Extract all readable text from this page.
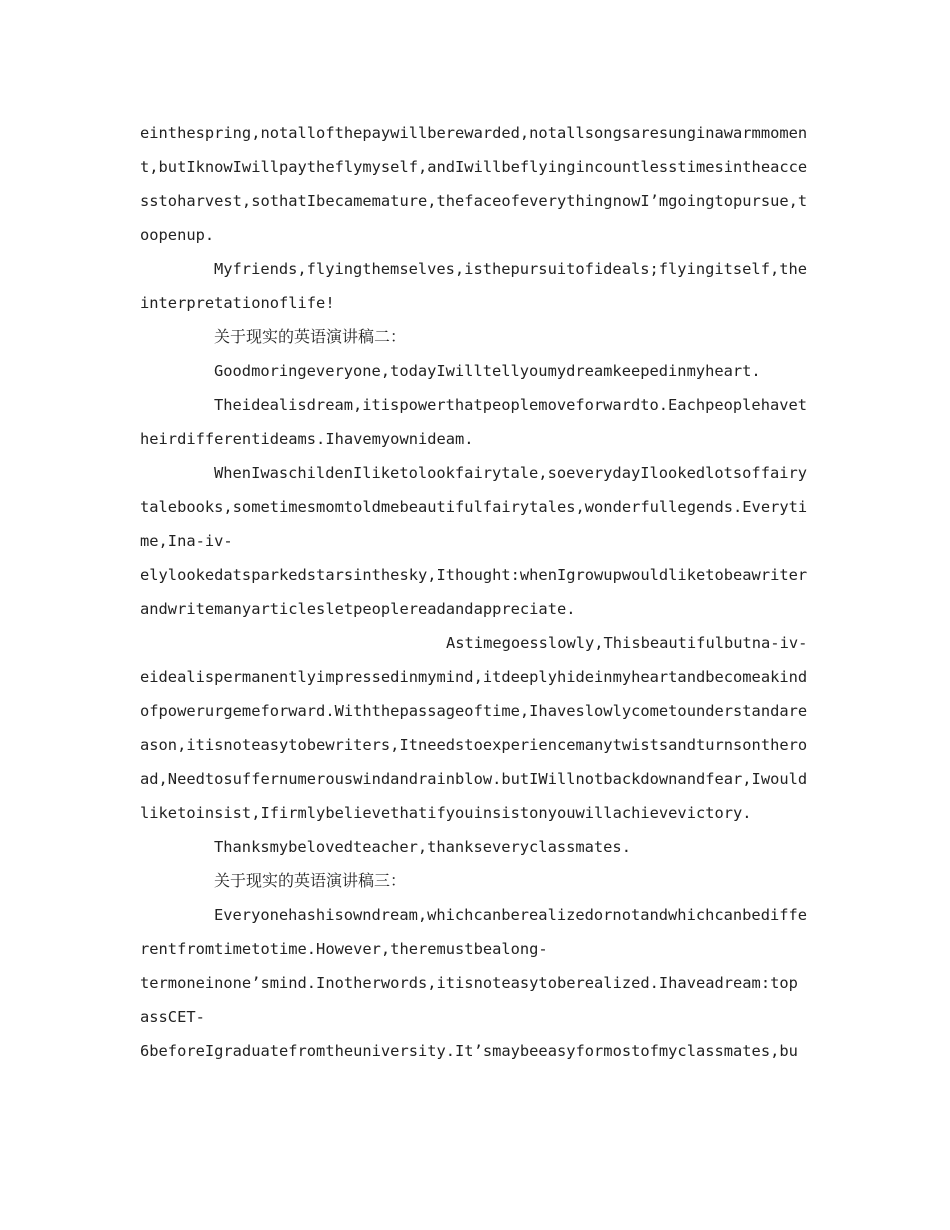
einthespring,notallofthepaywillberewarded,notallsongsaresunginawarmmomen
t,butIknowIwillpaytheflymyself,andIwillbeflyingincountlesstimesintheacce
sstoharvest,sothatIbecamemature,thefaceofeverythingnowI’mgoingtopursue,t
oopenup.
Myfriends,flyingthemselves,isthepursuitofideals;flyingitself,the
interpretationoflife!
关于现实的英语演讲稿二：
Goodmoringeveryone,todayIwilltellyoumydreamkeepedinmyheart.
Theidealisdream,itispowerthatpeoplemoveforwardto.Eachpeoplehavet
heirdifferentideams.Ihavemyownideam.
WhenIwaschildenIliketolookfairytale,soeverydayIlookedlotsoffairy
talebooks,sometimesmomtoldmebeautifulfairytales,wonderfullegends.Everyti
me,Ina-iv-
elylookedatsparkedstarsinthesky,Ithought:whenIgrowupwouldliketobeawriter
andwritemanyarticlesletpeoplereadandappreciate.
Astimegoesslowly,Thisbeautifulbutna-iv-
eidealispermanentlyimpressedinmymind,itdeeplyhideinmyheartandbecomeakind
ofpowerurgemeforward.Withthepassageoftime,Ihaveslowlycometounderstandare
ason,itisnoteasytobewriters,Itneedstoexperiencemanytwistsandturnsonthero
ad,Needtosuffernumerouswindandrainblow.butIWillnotbackdownandfear,Iwould
liketoinsist,Ifirmlybelievethatifyouinsistonyouwillachievevictory.
Thanksmybelovedteacher,thankseveryclassmates.
关于现实的英语演讲稿三：
Everyonehashisowndream,whichcanberealizedornotandwhichcanbediffe
rentfromtimetotime.However,theremustbealong-
termoneinone’smind.Inotherwords,itisnoteasytoberealized.Ihaveadream:top
assCET-
6beforeIgraduatefromtheuniversity.It’smaybeeasyformostofmyclassmates,bu
